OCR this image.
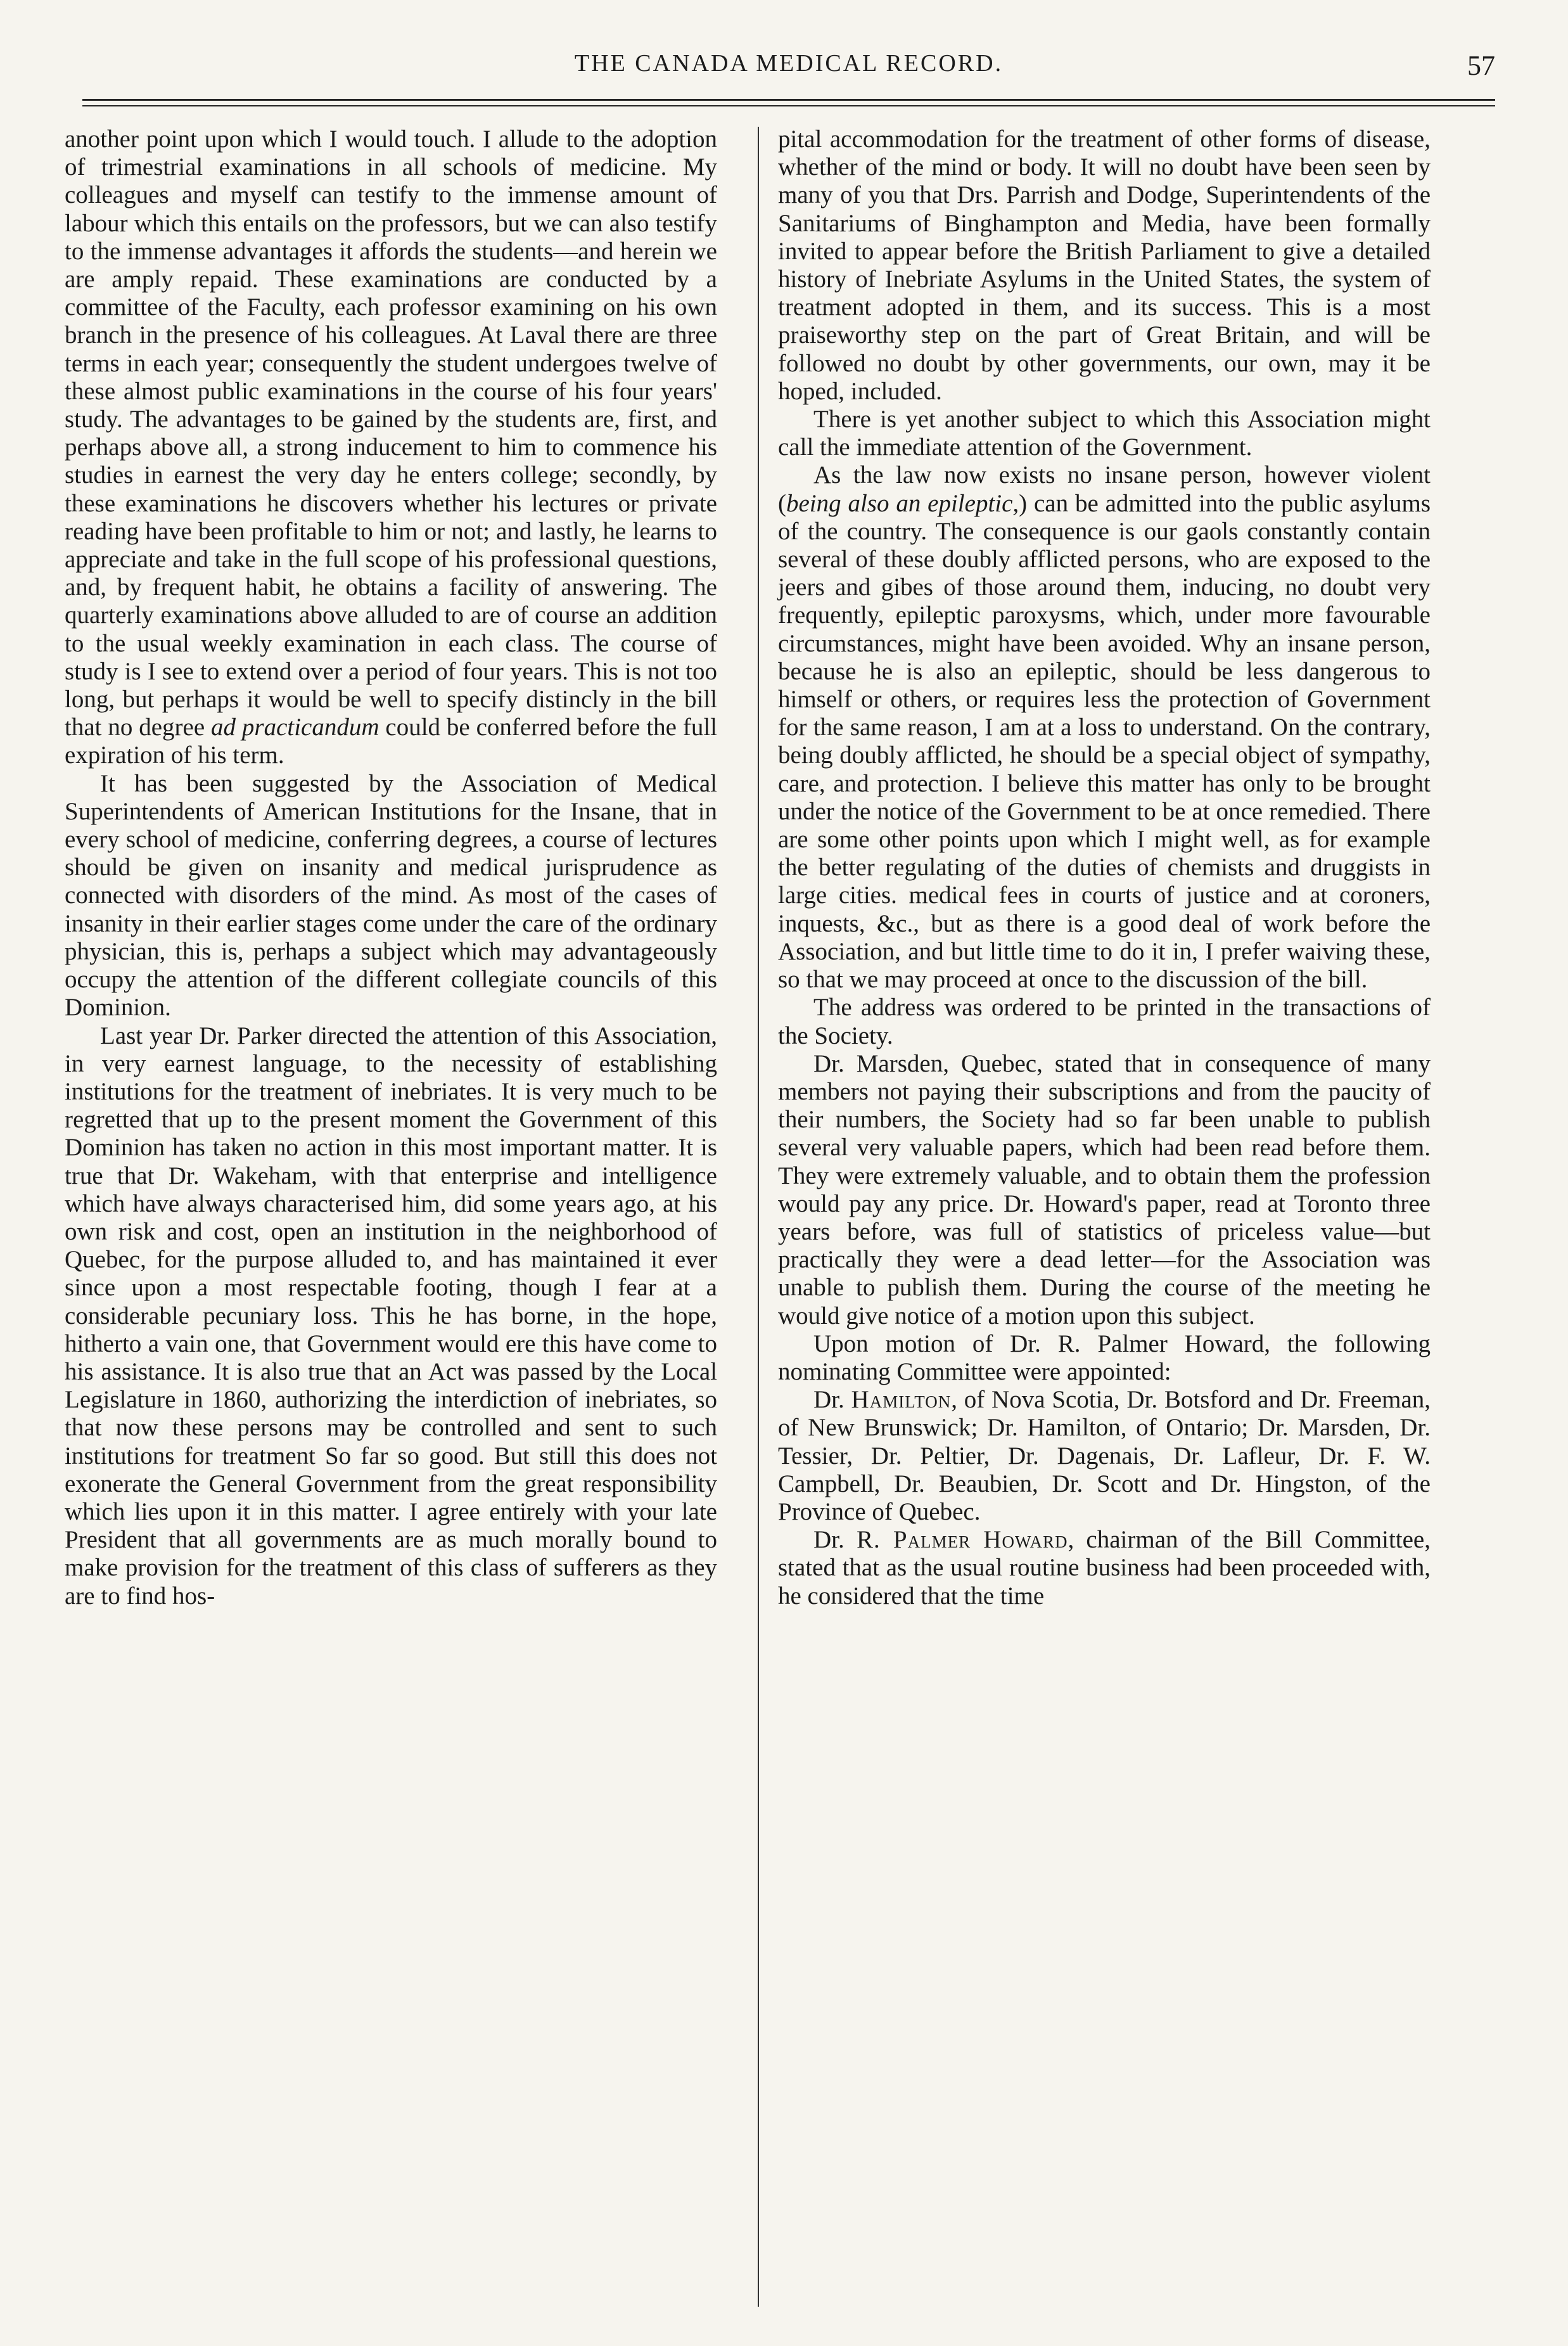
THE CANADA MEDICAL RECORD.	57

another point upon which I would touch. I allude to the adoption of trimestrial examinations in all schools of medicine. My colleagues and myself can testify to the immense amount of labour which this entails on the professors, but we can also testify to the immense advantages it affords the students—and herein we are amply repaid. These examinations are conducted by a committee of the Faculty, each professor examining on his own branch in the presence of his colleagues. At Laval there are three terms in each year; consequently the student undergoes twelve of these almost public examinations in the course of his four years' study. The advantages to be gained by the students are, first, and perhaps above all, a strong inducement to him to commence his studies in earnest the very day he enters college; secondly, by these examinations he discovers whether his lectures or private reading have been profitable to him or not; and lastly, he learns to appreciate and take in the full scope of his professional questions, and, by frequent habit, he obtains a facility of answering. The quarterly examinations above alluded to are of course an addition to the usual weekly examination in each class. The course of study is I see to extend over a period of four years. This is not too long, but perhaps it would be well to specify distincly in the bill that no degree ad practicandum could be conferred before the full expiration of his term.

It has been suggested by the Association of Medical Superintendents of American Institutions for the Insane, that in every school of medicine, conferring degrees, a course of lectures should be given on insanity and medical jurisprudence as connected with disorders of the mind. As most of the cases of insanity in their earlier stages come under the care of the ordinary physician, this is, perhaps a subject which may advantageously occupy the attention of the different collegiate councils of this Dominion.

Last year Dr. Parker directed the attention of this Association, in very earnest language, to the necessity of establishing institutions for the treatment of inebriates. It is very much to be regretted that up to the present moment the Government of this Dominion has taken no action in this most important matter. It is true that Dr. Wakeham, with that enterprise and intelligence which have always characterised him, did some years ago, at his own risk and cost, open an institution in the neighborhood of Quebec, for the purpose alluded to, and has maintained it ever since upon a most respectable footing, though I fear at a considerable pecuniary loss. This he has borne, in the hope, hitherto a vain one, that Government would ere this have come to his assistance. It is also true that an Act was passed by the Local Legislature in 1860, authorizing the interdiction of inebriates, so that now these persons may be controlled and sent to such institutions for treatment So far so good. But still this does not exonerate the General Government from the great responsibility which lies upon it in this matter. I agree entirely with your late President that all governments are as much morally bound to make provision for the treatment of this class of sufferers as they are to find hos-

pital accommodation for the treatment of other forms of disease, whether of the mind or body. It will no doubt have been seen by many of you that Drs. Parrish and Dodge, Superintendents of the Sanitariums of Binghampton and Media, have been formally invited to appear before the British Parliament to give a detailed history of Inebriate Asylums in the United States, the system of treatment adopted in them, and its success. This is a most praiseworthy step on the part of Great Britain, and will be followed no doubt by other governments, our own, may it be hoped, included.

There is yet another subject to which this Association might call the immediate attention of the Government.

As the law now exists no insane person, however violent (being also an epileptic,) can be admitted into the public asylums of the country. The consequence is our gaols constantly contain several of these doubly afflicted persons, who are exposed to the jeers and gibes of those around them, inducing, no doubt very frequently, epileptic paroxysms, which, under more favourable circumstances, might have been avoided. Why an insane person, because he is also an epileptic, should be less dangerous to himself or others, or requires less the protection of Government for the same reason, I am at a loss to understand. On the contrary, being doubly afflicted, he should be a special object of sympathy, care, and protection. I believe this matter has only to be brought under the notice of the Government to be at once remedied. There are some other points upon which I might well, as for example the better regulating of the duties of chemists and druggists in large cities. medical fees in courts of justice and at coroners, inquests, &c., but as there is a good deal of work before the Association, and but little time to do it in, I prefer waiving these, so that we may proceed at once to the discussion of the bill.

The address was ordered to be printed in the transactions of the Society.

Dr. Marsden, Quebec, stated that in consequence of many members not paying their subscriptions and from the paucity of their numbers, the Society had so far been unable to publish several very valuable papers, which had been read before them. They were extremely valuable, and to obtain them the profession would pay any price. Dr. Howard's paper, read at Toronto three years before, was full of statistics of priceless value—but practically they were a dead letter—for the Association was unable to publish them. During the course of the meeting he would give notice of a motion upon this subject.

Upon motion of Dr. R. Palmer Howard, the following nominating Committee were appointed:

Dr. Hamilton, of Nova Scotia, Dr. Botsford and Dr. Freeman, of New Brunswick; Dr. Hamilton, of Ontario; Dr. Marsden, Dr. Tessier, Dr. Peltier, Dr. Dagenais, Dr. Lafleur, Dr. F. W. Campbell, Dr. Beaubien, Dr. Scott and Dr. Hingston, of the Province of Quebec.

Dr. R. Palmer Howard, chairman of the Bill Committee, stated that as the usual routine business had been proceeded with, he considered that the time
